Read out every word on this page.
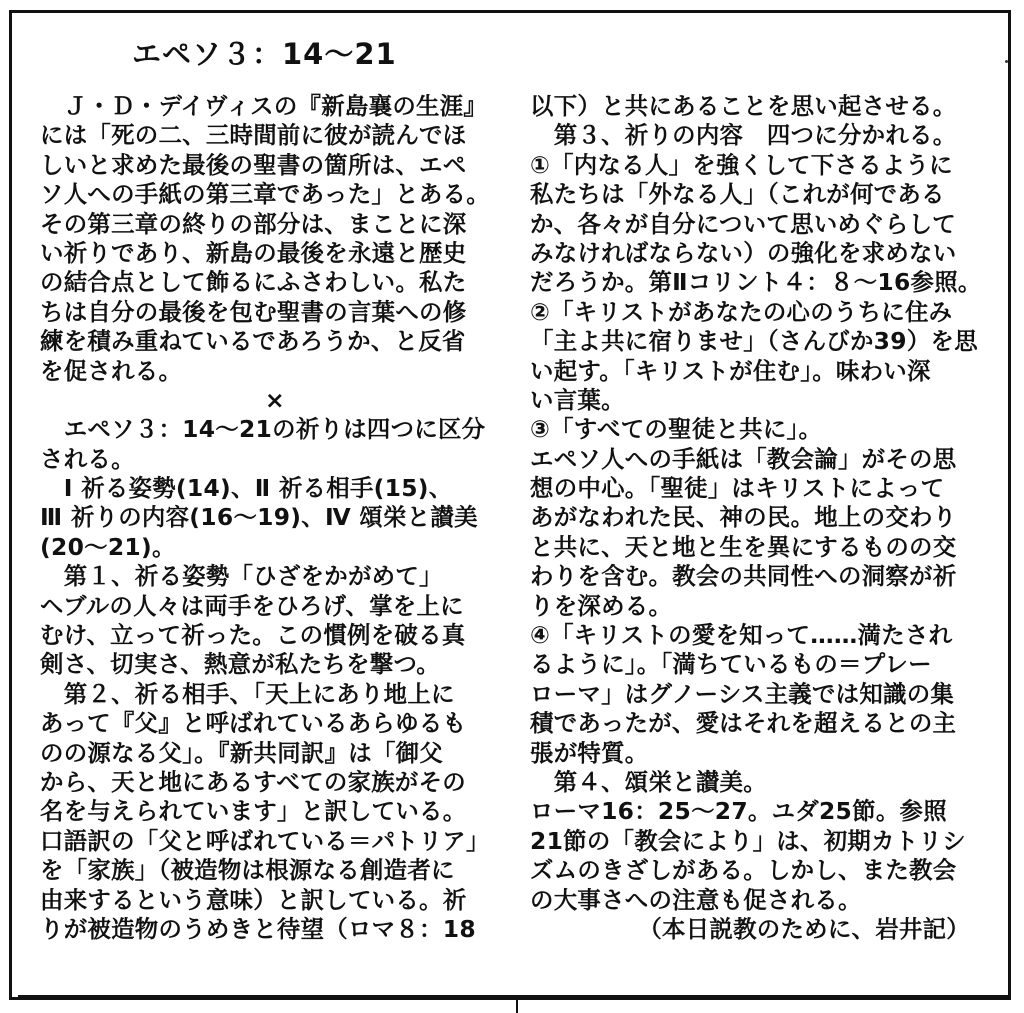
エペソ３：14〜21
　Ｊ・Ｄ・デイヴィスの『新島襄の生涯』
には「死の二、三時間前に彼が読んでほ
しいと求めた最後の聖書の箇所は、エペ
ソ人への手紙の第三章であった」とある。
その第三章の終りの部分は、まことに深
い祈りであり、新島の最後を永遠と歴史
の結合点として飾るにふさわしい。私た
ちは自分の最後を包む聖書の言葉への修
練を積み重ねているであろうか、と反省
を促される。
×
　エペソ３：14〜21の祈りは四つに区分
される。
　Ⅰ 祈る姿勢(14)、Ⅱ 祈る相手(15)、
Ⅲ 祈りの内容(16〜19)、Ⅳ 頌栄と讃美
(20〜21)。
　第１、祈る姿勢「ひざをかがめて」
ヘブルの人々は両手をひろげ、掌を上に
むけ、立って祈った。この慣例を破る真
剣さ、切実さ、熱意が私たちを撃つ。
　第２、祈る相手、「天上にあり地上に
あって『父』と呼ばれているあらゆるも
のの源なる父」。『新共同訳』は「御父
から、天と地にあるすべての家族がその
名を与えられています」と訳している。
口語訳の「父と呼ばれている＝パトリア」
を「家族」（被造物は根源なる創造者に
由来するという意味）と訳している。祈
りが被造物のうめきと待望（ロマ８：18
以下）と共にあることを思い起させる。
　第３、祈りの内容　四つに分かれる。
①「内なる人」を強くして下さるように
私たちは「外なる人」（これが何である
か、各々が自分について思いめぐらして
みなければならない）の強化を求めない
だろうか。第Ⅱコリント４：８〜16参照。
②「キリストがあなたの心のうちに住み
「主よ共に宿りませ」（さんびか39）を思
い起す。「キリストが住む」。味わい深
い言葉。
③「すべての聖徒と共に」。
エペソ人への手紙は「教会論」がその思
想の中心。「聖徒」はキリストによって
あがなわれた民、神の民。地上の交わり
と共に、天と地と生を異にするものの交
わりを含む。教会の共同性への洞察が祈
りを深める。
④「キリストの愛を知って……満たされ
るように」。「満ちているもの＝プレー
ローマ」はグノーシス主義では知識の集
積であったが、愛はそれを超えるとの主
張が特質。
　第４、頌栄と讃美。
ローマ16：25〜27。ユダ25節。参照
21節の「教会により」は、初期カトリシ
ズムのきざしがある。しかし、また教会
の大事さへの注意も促される。
（本日説教のために、岩井記）
